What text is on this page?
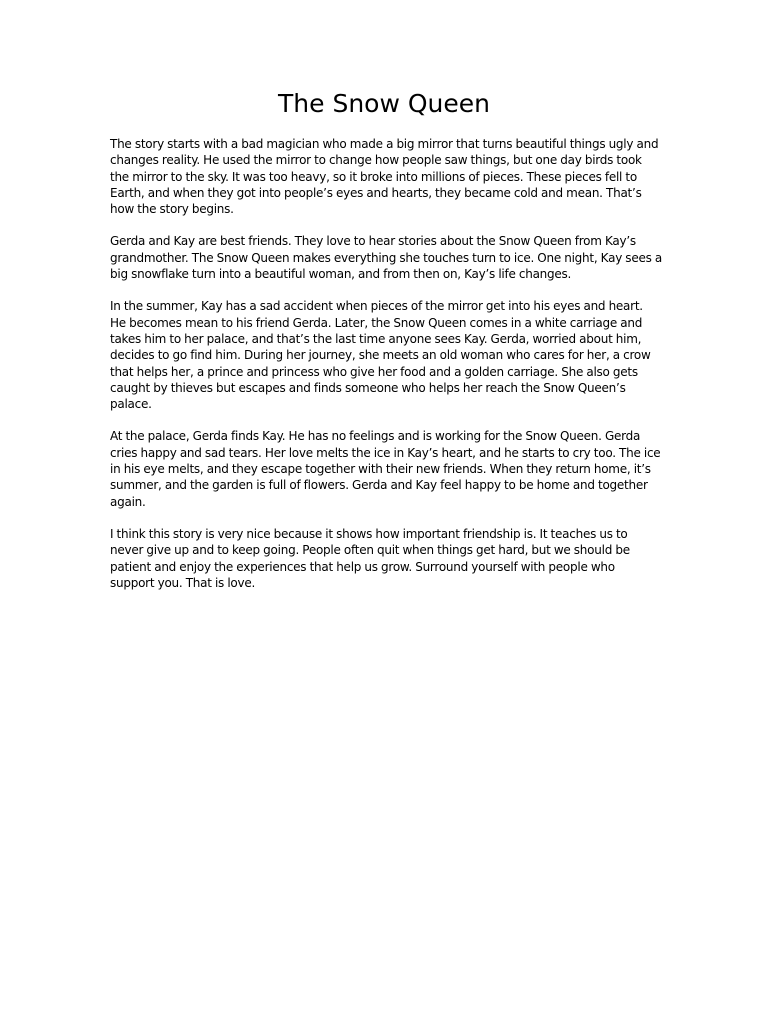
The Snow Queen

The story starts with a bad magician who made a big mirror that turns beautiful things ugly and changes reality. He used the mirror to change how people saw things, but one day birds took the mirror to the sky. It was too heavy, so it broke into millions of pieces. These pieces fell to Earth, and when they got into people’s eyes and hearts, they became cold and mean. That’s how the story begins.

Gerda and Kay are best friends. They love to hear stories about the Snow Queen from Kay’s grandmother. The Snow Queen makes everything she touches turn to ice. One night, Kay sees a big snowflake turn into a beautiful woman, and from then on, Kay’s life changes.

In the summer, Kay has a sad accident when pieces of the mirror get into his eyes and heart. He becomes mean to his friend Gerda. Later, the Snow Queen comes in a white carriage and takes him to her palace, and that’s the last time anyone sees Kay. Gerda, worried about him, decides to go find him. During her journey, she meets an old woman who cares for her, a crow that helps her, a prince and princess who give her food and a golden carriage. She also gets caught by thieves but escapes and finds someone who helps her reach the Snow Queen’s palace.

At the palace, Gerda finds Kay. He has no feelings and is working for the Snow Queen. Gerda cries happy and sad tears. Her love melts the ice in Kay’s heart, and he starts to cry too. The ice in his eye melts, and they escape together with their new friends. When they return home, it’s summer, and the garden is full of flowers. Gerda and Kay feel happy to be home and together again.

I think this story is very nice because it shows how important friendship is. It teaches us to never give up and to keep going. People often quit when things get hard, but we should be patient and enjoy the experiences that help us grow. Surround yourself with people who support you. That is love.
